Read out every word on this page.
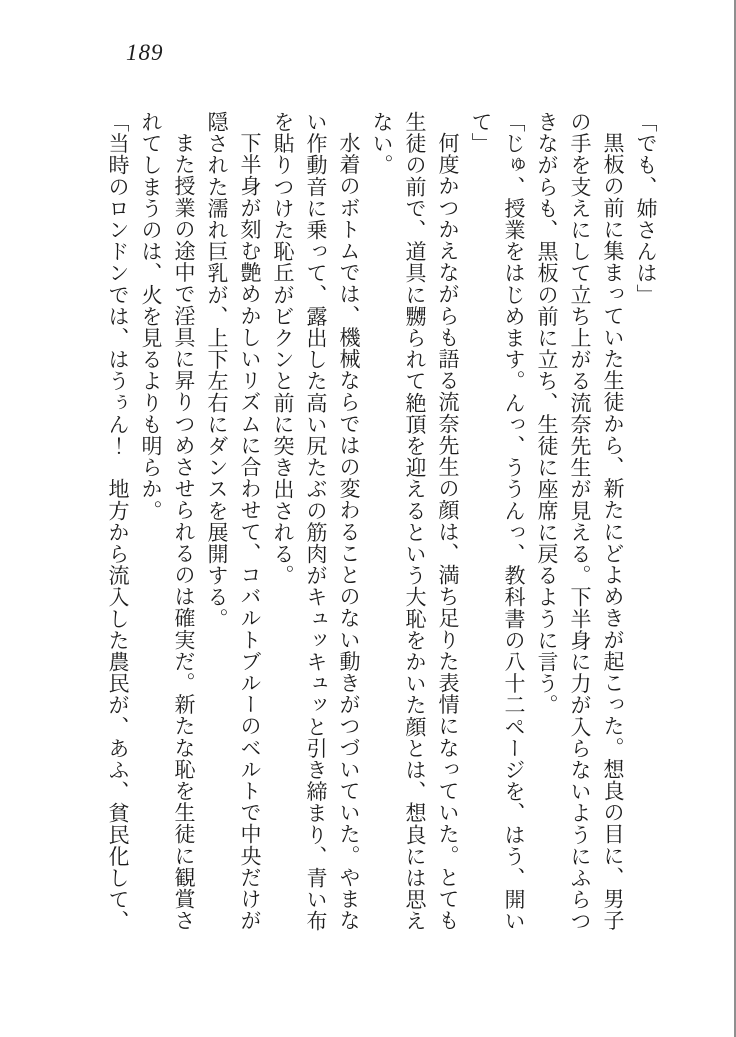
189

「でも、姉さんは」

黒板の前に集まっていた生徒から、新たにどよめきが起こった。想良の目に、男子の手を支えにして立ち上がる流奈先生が見える。下半身に力が入らないようにふらつきながらも、黒板の前に立ち、生徒に座席に戻るように言う。

「じゅ、授業をはじめます。んっ、ううんっ、教科書の八十二ページを、はう、開いて」

何度かつかえながらも語る流奈先生の顔は、満ち足りた表情になっていた。とても生徒の前で、道具に嬲られて絶頂を迎えるという大恥をかいた顔とは、想良には思えない。

水着のボトムでは、機械ならではの変わることのない動きがつづいていた。やまない作動音に乗って、露出した高い尻たぶの筋肉がキュッキュッと引き締まり、青い布を貼りつけた恥丘がビクンと前に突き出される。

下半身が刻む艶めかしいリズムに合わせて、コバルトブルーのベルトで中央だけが隠された濡れ巨乳が、上下左右にダンスを展開する。

また授業の途中で淫具に昇りつめさせられるのは確実だ。新たな恥を生徒に観賞されてしまうのは、火を見るよりも明らか。

「当時のロンドンでは、はうぅん！　地方から流入した農民が、あふ、貧民化して、
